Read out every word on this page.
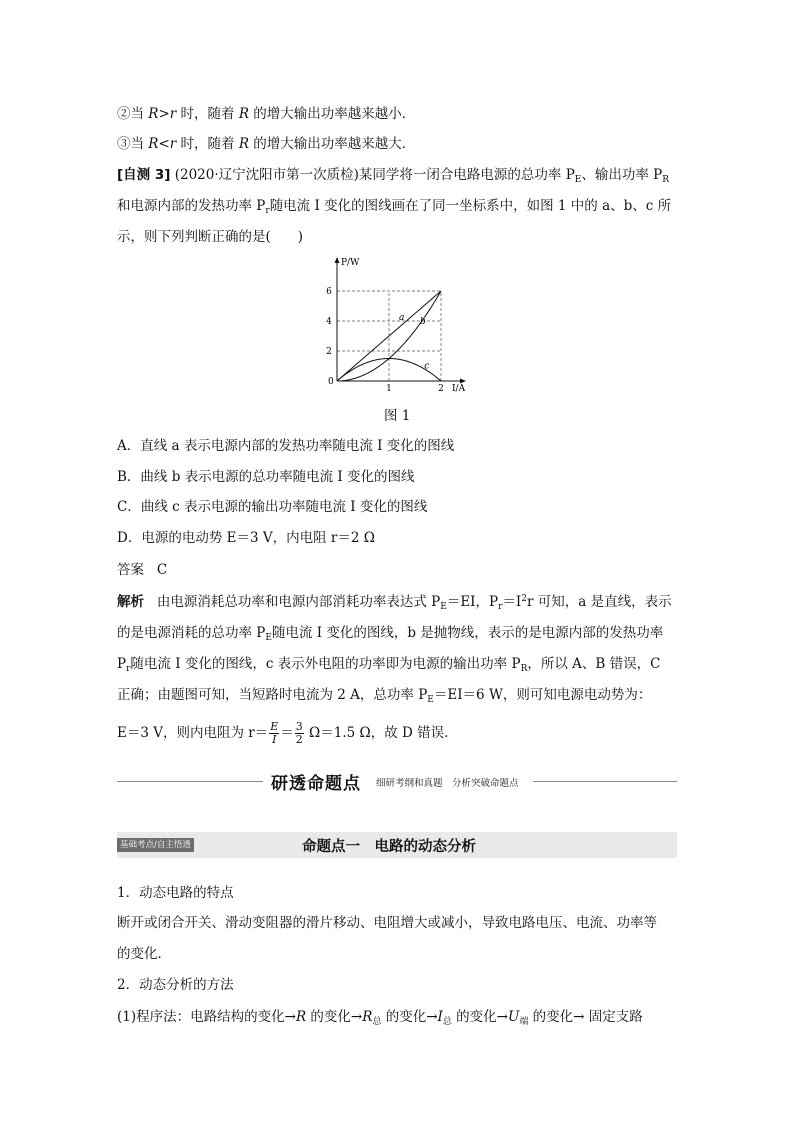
②当 R>r 时，随着 R 的增大输出功率越来越小．
③当 R<r 时，随着 R 的增大输出功率越来越大．
[自测 3] (2020·辽宁沈阳市第一次质检)某同学将一闭合电路电源的总功率 $P_E$、输出功率 $P_R$
和电源内部的发热功率 $P_r$随电流 I 变化的图线画在了同一坐标系中，如图 1 中的 a、b、c 所
示，则下列判断正确的是(　　)
P/W
I/A
0
2
4
6
1	2
a b
c
图 1
A．直线 a 表示电源内部的发热功率随电流 I 变化的图线
B．曲线 b 表示电源的总功率随电流 I 变化的图线
C．曲线 c 表示电源的输出功率随电流 I 变化的图线
D．电源的电动势 E＝3 V，内电阻 r＝2 Ω
答案 C
解析 由电源消耗总功率和电源内部消耗功率表达式 $P_E=EI$，$P_r=I^2r$ 可知，a 是直线，表示
的是电源消耗的总功率 $P_E$随电流 I 变化的图线，b 是抛物线，表示的是电源内部的发热功率
$P_r$随电流 I 变化的图线，c 表示外电阻的功率即为电源的输出功率 $P_R$，所以 A、B 错误，C
正确；由题图可知，当短路时电流为 2 A，总功率 $P_E=EI=6$ W，则可知电源电动势为：
E＝3 V，则内电阻为 $r= \frac{E}{I} = \frac{3}{2} \Omega=1.5$ Ω，故 D 错误.
研透命题点 细研考纲和真题　分析突破命题点
基础考点/自主悟透	命题点一　电路的动态分析
1．动态电路的特点
断开或闭合开关、滑动变阻器的滑片移动、电阻增大或减小，导致电路电压、电流、功率等
的变化．
2．动态分析的方法
(1)程序法：电路结构的变化→R 的变化$\to R_总$ 的变化$\to I_总$ 的变化$\to U_端$ 的变化→ 固定支路
